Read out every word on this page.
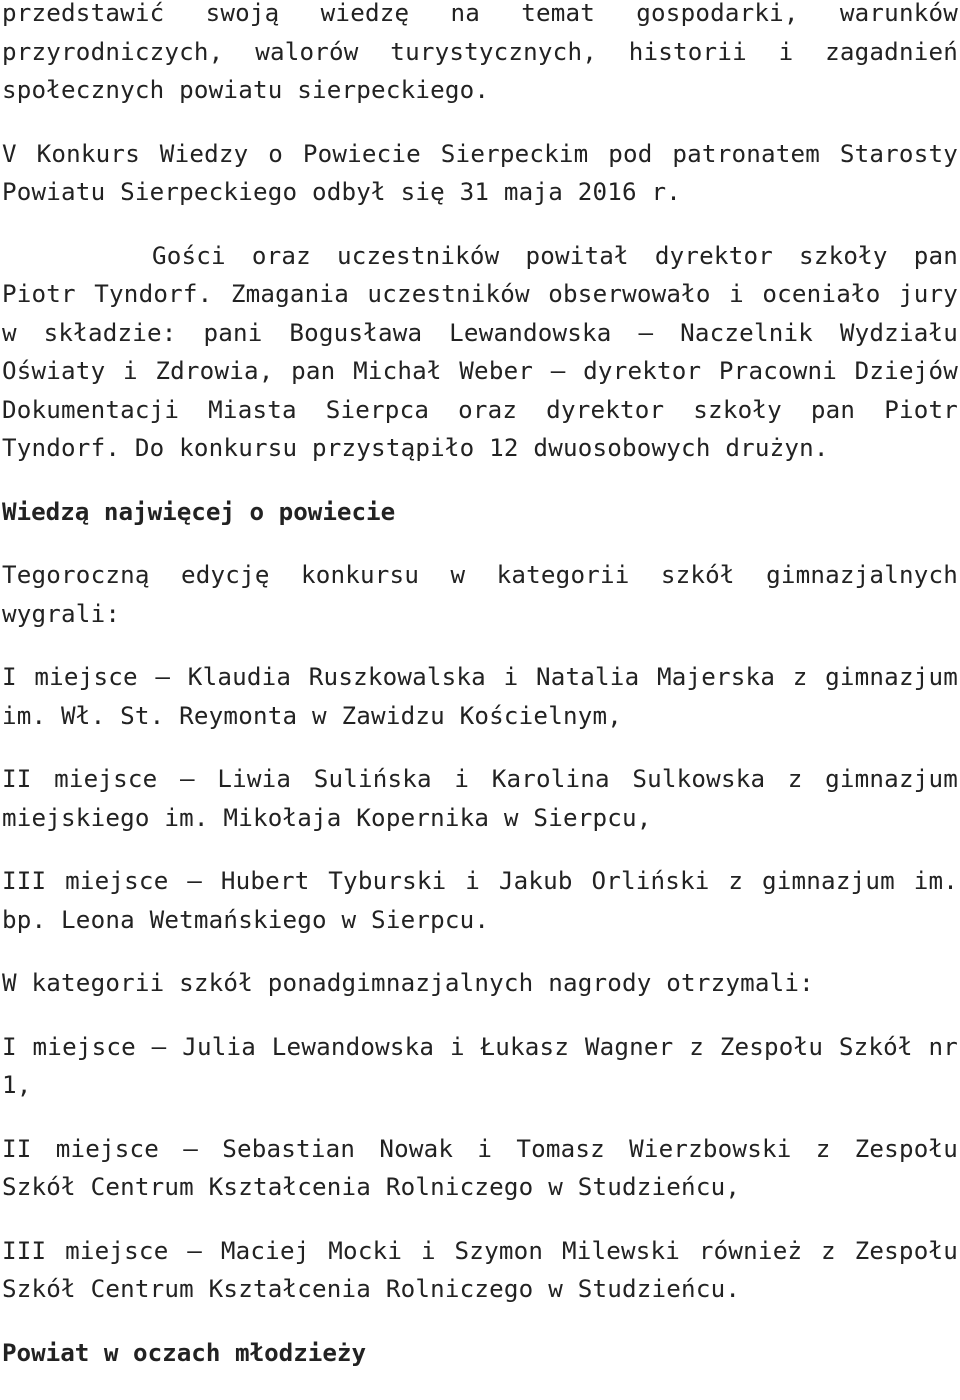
przedstawić swoją wiedzę na temat gospodarki, warunków przyrodniczych, walorów turystycznych, historii i zagadnień społecznych powiatu sierpeckiego.

V Konkurs Wiedzy o Powiecie Sierpeckim pod patronatem Starosty Powiatu Sierpeckiego odbył się 31 maja 2016 r.

Gości oraz uczestników powitał dyrektor szkoły pan Piotr Tyndorf. Zmagania uczestników obserwowało i oceniało jury w składzie: pani Bogusława Lewandowska – Naczelnik Wydziału Oświaty i Zdrowia, pan Michał Weber – dyrektor Pracowni Dziejów Dokumentacji Miasta Sierpca oraz dyrektor szkoły pan Piotr Tyndorf. Do konkursu przystąpiło 12 dwuosobowych drużyn.

Wiedzą najwięcej o powiecie

Tegoroczną edycję konkursu w kategorii szkół gimnazjalnych wygrali:

I miejsce – Klaudia Ruszkowalska i Natalia Majerska z gimnazjum im. Wł. St. Reymonta w Zawidzu Kościelnym,

II miejsce – Liwia Sulińska i Karolina Sulkowska z gimnazjum miejskiego im. Mikołaja Kopernika w Sierpcu,

III miejsce – Hubert Tyburski i Jakub Orliński z gimnazjum im. bp. Leona Wetmańskiego w Sierpcu.

W kategorii szkół ponadgimnazjalnych nagrody otrzymali:

I miejsce – Julia Lewandowska i Łukasz Wagner z Zespołu Szkół nr 1,

II miejsce – Sebastian Nowak i Tomasz Wierzbowski z Zespołu Szkół Centrum Kształcenia Rolniczego w Studzieńcu,

III miejsce – Maciej Mocki i Szymon Milewski również z Zespołu Szkół Centrum Kształcenia Rolniczego w Studzieńcu.

Powiat w oczach młodzieży
